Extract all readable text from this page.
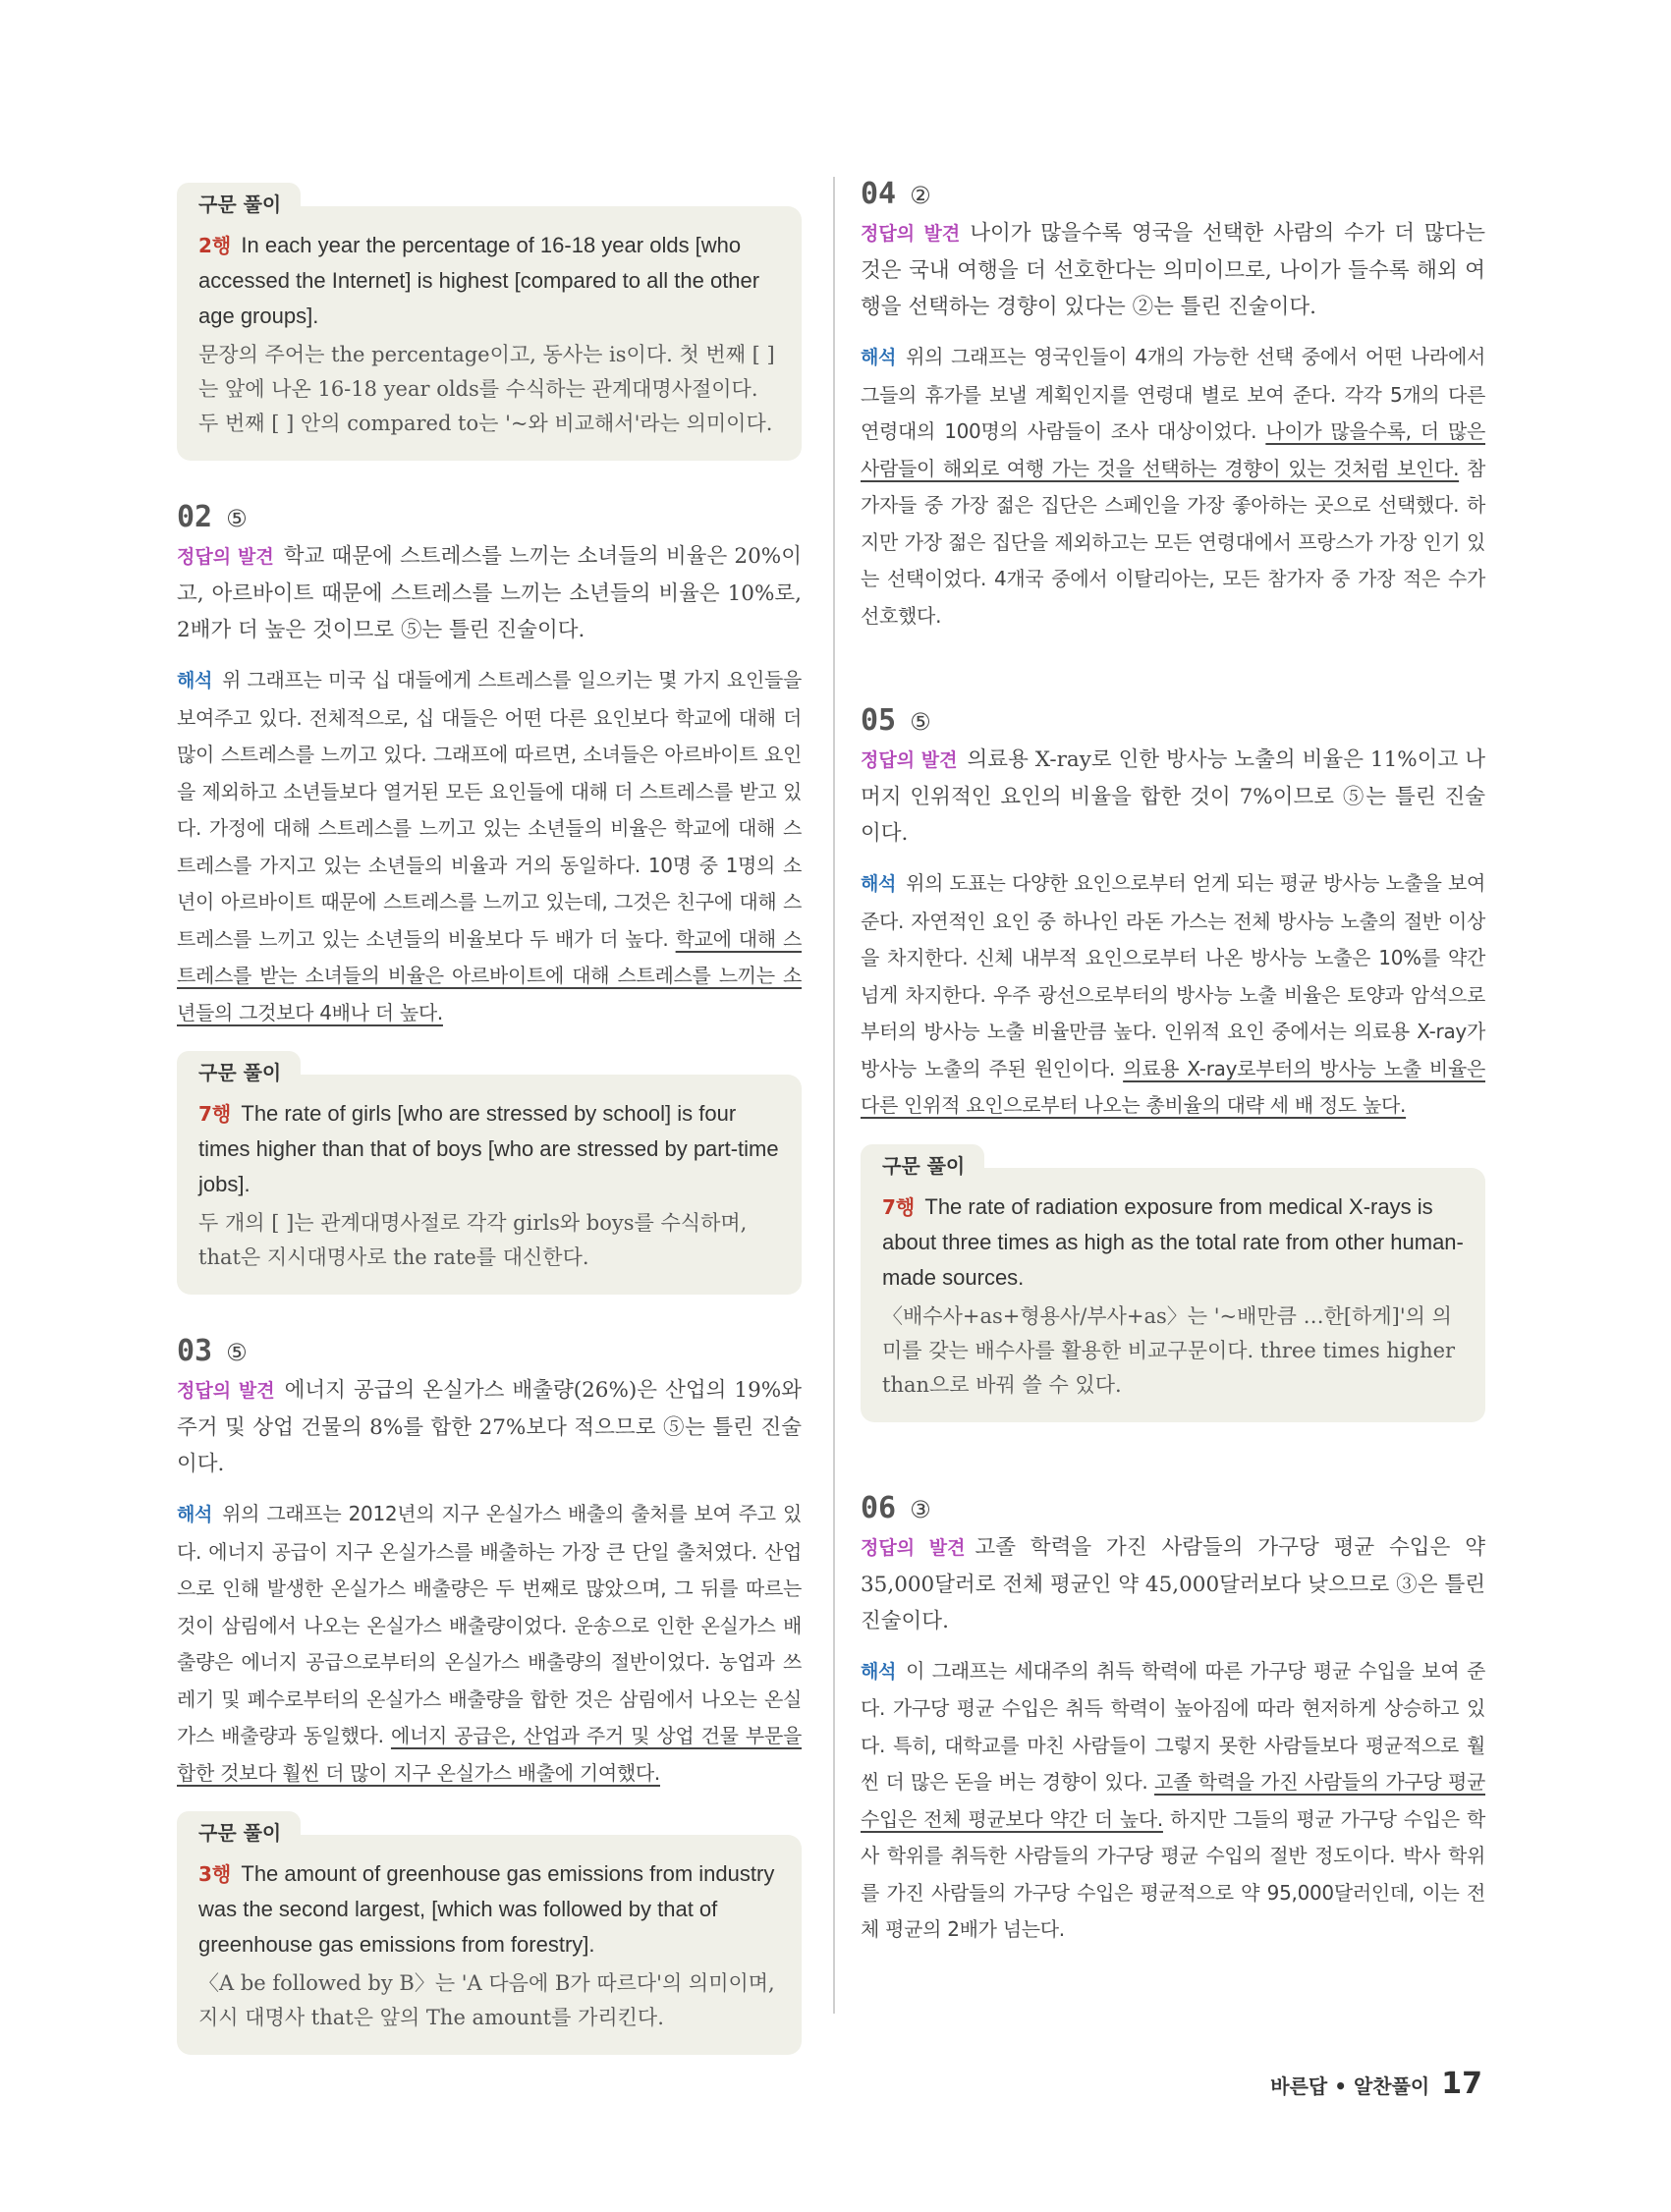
구문 풀이
2행 In each year the percentage of 16-18 year olds [who accessed the Internet] is highest [compared to all the other age groups].
문장의 주어는 the percentage이고, 동사는 is이다. 첫 번째 [ ]는 앞에 나온 16-18 year olds를 수식하는 관계대명사절이다. 두 번째 [ ] 안의 compared to는 '~와 비교해서'라는 의미이다.
02 ⑤
정답의 발견 학교 때문에 스트레스를 느끼는 소녀들의 비율은 20%이고, 아르바이트 때문에 스트레스를 느끼는 소년들의 비율은 10%로, 2배가 더 높은 것이므로 ⑤는 틀린 진술이다.
해석 위 그래프는 미국 십 대들에게 스트레스를 일으키는 몇 가지 요인들을 보여주고 있다. 전체적으로, 십 대들은 어떤 다른 요인보다 학교에 대해 더 많이 스트레스를 느끼고 있다. 그래프에 따르면, 소녀들은 아르바이트 요인을 제외하고 소년들보다 열거된 모든 요인들에 대해 더 스트레스를 받고 있다. 가정에 대해 스트레스를 느끼고 있는 소년들의 비율은 학교에 대해 스트레스를 가지고 있는 소년들의 비율과 거의 동일하다. 10명 중 1명의 소년이 아르바이트 때문에 스트레스를 느끼고 있는데, 그것은 친구에 대해 스트레스를 느끼고 있는 소년들의 비율보다 두 배가 더 높다. 학교에 대해 스트레스를 받는 소녀들의 비율은 아르바이트에 대해 스트레스를 느끼는 소년들의 그것보다 4배나 더 높다.
구문 풀이
7행 The rate of girls [who are stressed by school] is four times higher than that of boys [who are stressed by part-time jobs].
두 개의 [ ]는 관계대명사절로 각각 girls와 boys를 수식하며, that은 지시대명사로 the rate를 대신한다.
03 ⑤
정답의 발견 에너지 공급의 온실가스 배출량(26%)은 산업의 19%와 주거 및 상업 건물의 8%를 합한 27%보다 적으므로 ⑤는 틀린 진술이다.
해석 위의 그래프는 2012년의 지구 온실가스 배출의 출처를 보여 주고 있다. 에너지 공급이 지구 온실가스를 배출하는 가장 큰 단일 출처였다. 산업으로 인해 발생한 온실가스 배출량은 두 번째로 많았으며, 그 뒤를 따르는 것이 삼림에서 나오는 온실가스 배출량이었다. 운송으로 인한 온실가스 배출량은 에너지 공급으로부터의 온실가스 배출량의 절반이었다. 농업과 쓰레기 및 폐수로부터의 온실가스 배출량을 합한 것은 삼림에서 나오는 온실가스 배출량과 동일했다. 에너지 공급은, 산업과 주거 및 상업 건물 부문을 합한 것보다 훨씬 더 많이 지구 온실가스 배출에 기여했다.
구문 풀이
3행 The amount of greenhouse gas emissions from industry was the second largest, [which was followed by that of greenhouse gas emissions from forestry].
〈A be followed by B〉는 'A 다음에 B가 따르다'의 의미이며, 지시 대명사 that은 앞의 The amount를 가리킨다.
04 ②
정답의 발견 나이가 많을수록 영국을 선택한 사람의 수가 더 많다는 것은 국내 여행을 더 선호한다는 의미이므로, 나이가 들수록 해외 여행을 선택하는 경향이 있다는 ②는 틀린 진술이다.
해석 위의 그래프는 영국인들이 4개의 가능한 선택 중에서 어떤 나라에서 그들의 휴가를 보낼 계획인지를 연령대 별로 보여 준다. 각각 5개의 다른 연령대의 100명의 사람들이 조사 대상이었다. 나이가 많을수록, 더 많은 사람들이 해외로 여행 가는 것을 선택하는 경향이 있는 것처럼 보인다. 참가자들 중 가장 젊은 집단은 스페인을 가장 좋아하는 곳으로 선택했다. 하지만 가장 젊은 집단을 제외하고는 모든 연령대에서 프랑스가 가장 인기 있는 선택이었다. 4개국 중에서 이탈리아는, 모든 참가자 중 가장 적은 수가 선호했다.
05 ⑤
정답의 발견 의료용 X-ray로 인한 방사능 노출의 비율은 11%이고 나머지 인위적인 요인의 비율을 합한 것이 7%이므로 ⑤는 틀린 진술이다.
해석 위의 도표는 다양한 요인으로부터 얻게 되는 평균 방사능 노출을 보여 준다. 자연적인 요인 중 하나인 라돈 가스는 전체 방사능 노출의 절반 이상을 차지한다. 신체 내부적 요인으로부터 나온 방사능 노출은 10%를 약간 넘게 차지한다. 우주 광선으로부터의 방사능 노출 비율은 토양과 암석으로부터의 방사능 노출 비율만큼 높다. 인위적 요인 중에서는 의료용 X-ray가 방사능 노출의 주된 원인이다. 의료용 X-ray로부터의 방사능 노출 비율은 다른 인위적 요인으로부터 나오는 총비율의 대략 세 배 정도 높다.
구문 풀이
7행 The rate of radiation exposure from medical X-rays is about three times as high as the total rate from other human-made sources.
〈배수사+as+형용사/부사+as〉는 '~배만큼 …한[하게]'의 의미를 갖는 배수사를 활용한 비교구문이다. three times higher than으로 바꿔 쓸 수 있다.
06 ③
정답의 발견 고졸 학력을 가진 사람들의 가구당 평균 수입은 약 35,000달러로 전체 평균인 약 45,000달러보다 낮으므로 ③은 틀린 진술이다.
해석 이 그래프는 세대주의 취득 학력에 따른 가구당 평균 수입을 보여 준다. 가구당 평균 수입은 취득 학력이 높아짐에 따라 현저하게 상승하고 있다. 특히, 대학교를 마친 사람들이 그렇지 못한 사람들보다 평균적으로 훨씬 더 많은 돈을 버는 경향이 있다. 고졸 학력을 가진 사람들의 가구당 평균 수입은 전체 평균보다 약간 더 높다. 하지만 그들의 평균 가구당 수입은 학사 학위를 취득한 사람들의 가구당 평균 수입의 절반 정도이다. 박사 학위를 가진 사람들의 가구당 수입은 평균적으로 약 95,000달러인데, 이는 전체 평균의 2배가 넘는다.
바른답 • 알찬풀이 17
